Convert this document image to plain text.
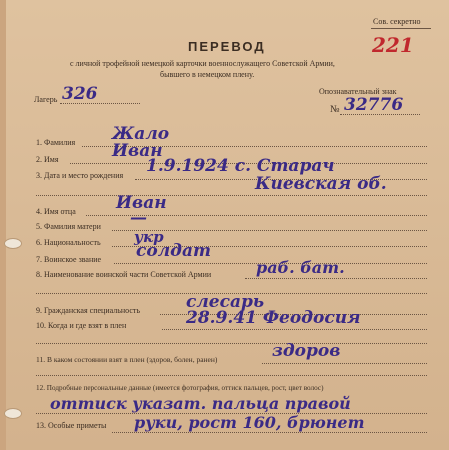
Сов. секретно
221
ПЕРЕВОД
с личной трофейной немецкой карточки военнослужащего Советской Армии,
бывшего в немецком плену.
Лагерь 326	Опознавательный знак
№ 32776
1. Фамилия Жало
2. Имя	Иван
3. Дата и место рождения 1.9.1924 с. Старач
Киевская об.
4. Имя отца Иван
5. Фамилия матери —
6. Национальность укр
7. Воинское звание солдат
8. Наименование воинской части Советской Армии	раб. бат.
9. Гражданская специальность	слесарь
10. Когда и где взят в плен	28.9.41 Феодосия
11. В каком состоянии взят в плен (здоров, болен, ранен)	здоров
12. Подробные персональные данные (имеется фотография, оттиск пальцев, рост, цвет волос)
оттиск указат. пальца правой
13. Особые приметы руки, рост 160, брюнет
